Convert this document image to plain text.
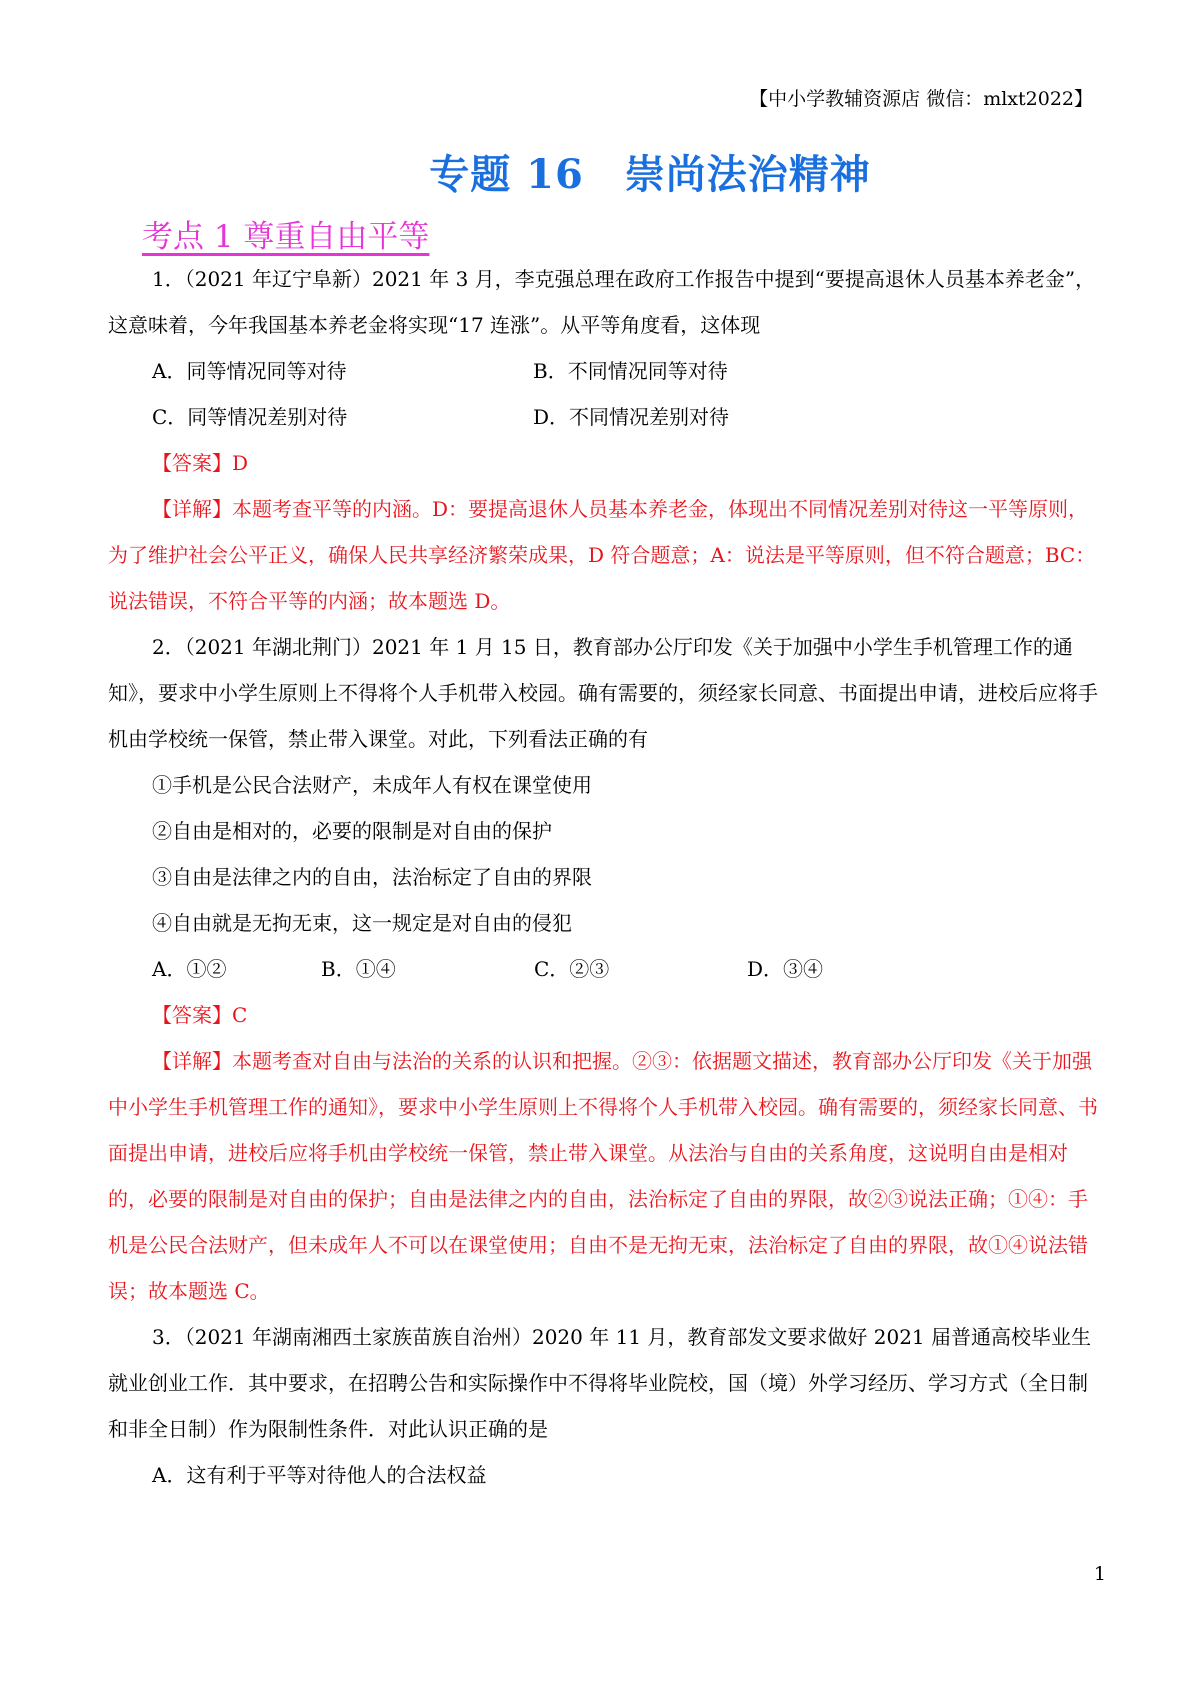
【中小学教辅资源店 微信：mlxt2022】
专题 16　崇尚法治精神
考点 1 尊重自由平等

1．（2021 年辽宁阜新）2021 年 3 月，李克强总理在政府工作报告中提到“要提高退休人员基本养老金”，这意味着，今年我国基本养老金将实现“17 连涨”。从平等角度看，这体现

A．同等情况同等对待	B．不同情况同等对待
C．同等情况差别对待	D．不同情况差别对待

【答案】D

【详解】本题考查平等的内涵。D：要提高退休人员基本养老金，体现出不同情况差别对待这一平等原则，为了维护社会公平正义，确保人民共享经济繁荣成果，D 符合题意；A：说法是平等原则，但不符合题意；BC：说法错误，不符合平等的内涵；故本题选 D。

2．（2021 年湖北荆门）2021 年 1 月 15 日，教育部办公厅印发《关于加强中小学生手机管理工作的通知》，要求中小学生原则上不得将个人手机带入校园。确有需要的，须经家长同意、书面提出申请，进校后应将手机由学校统一保管，禁止带入课堂。对此，下列看法正确的有

①手机是公民合法财产，未成年人有权在课堂使用
②自由是相对的，必要的限制是对自由的保护
③自由是法律之内的自由，法治标定了自由的界限
④自由就是无拘无束，这一规定是对自由的侵犯
A．①②	B．①④	C．②③	D．③④

【答案】C

【详解】本题考查对自由与法治的关系的认识和把握。②③：依据题文描述，教育部办公厅印发《关于加强中小学生手机管理工作的通知》，要求中小学生原则上不得将个人手机带入校园。确有需要的，须经家长同意、书面提出申请，进校后应将手机由学校统一保管，禁止带入课堂。从法治与自由的关系角度，这说明自由是相对的，必要的限制是对自由的保护；自由是法律之内的自由，法治标定了自由的界限，故②③说法正确；①④：手机是公民合法财产，但未成年人不可以在课堂使用；自由不是无拘无束，法治标定了自由的界限，故①④说法错误；故本题选 C。

3．（2021 年湖南湘西土家族苗族自治州）2020 年 11 月，教育部发文要求做好 2021 届普通高校毕业生就业创业工作．其中要求，在招聘公告和实际操作中不得将毕业院校，国（境）外学习经历、学习方式（全日制和非全日制）作为限制性条件．对此认识正确的是

A．这有利于平等对待他人的合法权益
1
